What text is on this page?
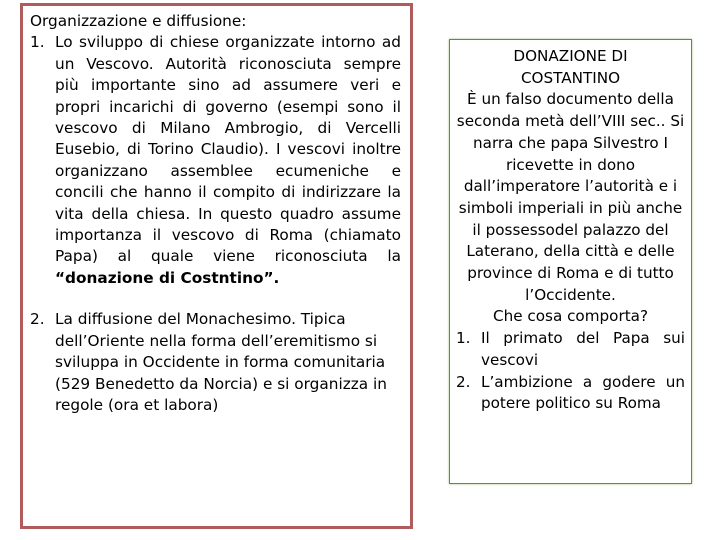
Organizzazione e diffusione:

1. Lo sviluppo di chiese organizzate intorno ad un Vescovo. Autorità riconosciuta sempre più importante sino ad assumere veri e propri incarichi di governo (esempi sono il vescovo di Milano Ambrogio, di Vercelli Eusebio, di Torino Claudio). I vescovi inoltre organizzano assemblee ecumeniche e concili che hanno il compito di indirizzare la vita della chiesa. In questo quadro assume importanza il vescovo di Roma (chiamato Papa) al quale viene riconosciuta la “donazione di Costntino”.
2. La diffusione del Monachesimo. Tipica dell’Oriente nella forma dell’eremitismo si sviluppa in Occidente in forma comunitaria (529 Benedetto da Norcia) e si organizza in regole (ora et labora)

DONAZIONE DI

COSTANTINO

È un falso documento della seconda metà dell’VIII sec.. Si narra che papa Silvestro I ricevette in dono dall’imperatore l’autorità e i simboli imperiali in più anche il possessodel palazzo del Laterano, della città e delle province di Roma e di tutto l’Occidente.

Che cosa comporta?

1. Il primato del Papa sui vescovi
2. L’ambizione a godere un potere politico su Roma
